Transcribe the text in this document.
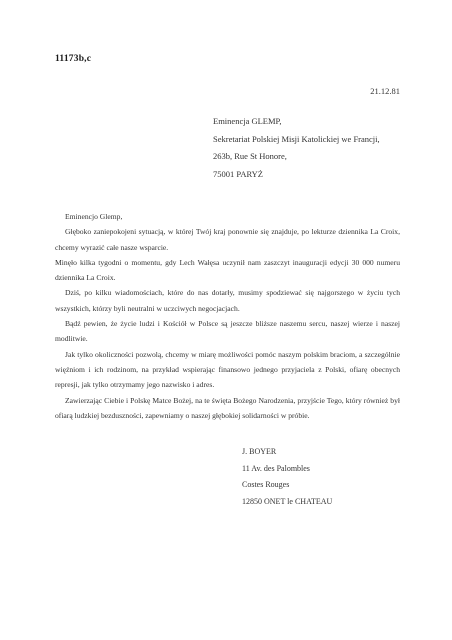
11173b,c
21.12.81
Eminencja GLEMP,
Sekretariat Polskiej Misji Katolickiej we Francji,
263b, Rue St Honore,
75001 PARYŻ

Eminencjo Glemp,

Głęboko zaniepokojeni sytuacją, w której Twój kraj ponownie się znajduje, po lekturze dziennika La Croix, chcemy wyrazić całe nasze wsparcie.

Minęło kilka tygodni o momentu, gdy Lech Wałęsa uczynił nam zaszczyt inauguracji edycji 30 000 numeru dziennika La Croix.

Dziś, po kilku wiadomościach, które do nas dotarły, musimy spodziewać się najgorszego w życiu tych wszystkich, którzy byli neutralni w uczciwych negocjacjach.

Bądź pewien, że życie ludzi i Kościół w Polsce są jeszcze bliższe naszemu sercu, naszej wierze i naszej modlitwie.

Jak tylko okoliczności pozwolą, chcemy w miarę możliwości pomóc naszym polskim braciom, a szczególnie więźniom i ich rodzinom, na przykład wspierając finansowo jednego przyjaciela z Polski, ofiarę obecnych represji, jak tylko otrzymamy jego nazwisko i adres.

Zawierzając Ciebie i Polskę Matce Bożej, na te święta Bożego Narodzenia, przyjście Tego, który również był ofiarą ludzkiej bezduszności, zapewniamy o naszej głębokiej solidarności w próbie.

J. BOYER
11 Av. des Palombles
Costes Rouges
12850 ONET le CHATEAU
